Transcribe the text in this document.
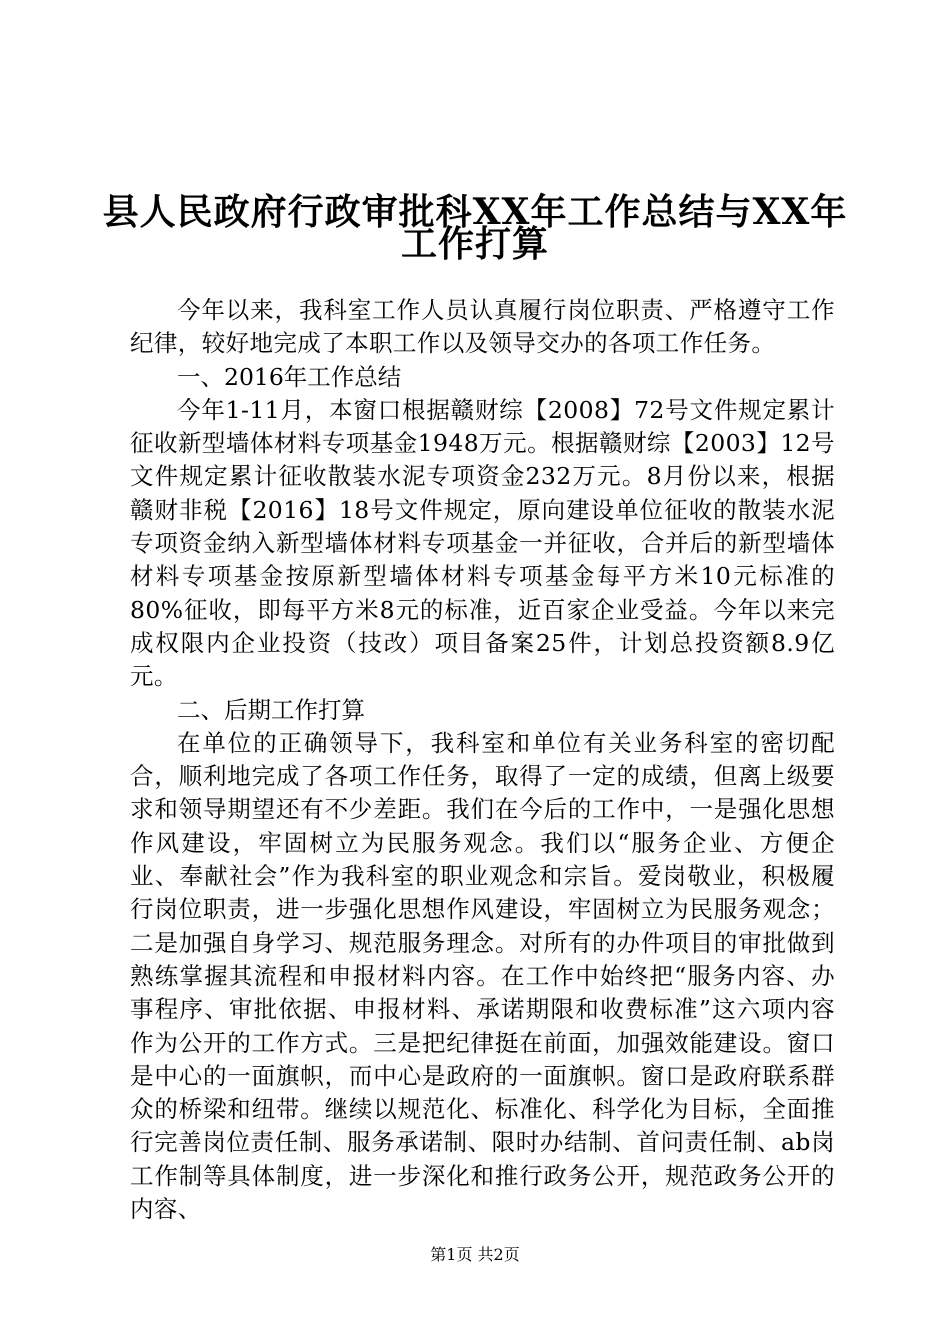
县人民政府行政审批科XX年工作总结与XX年
工作打算

今年以来，我科室工作人员认真履行岗位职责、严格遵守工作纪律，较好地完成了本职工作以及领导交办的各项工作任务。

一、2016年工作总结

今年1-11月，本窗口根据赣财综【2008】72号文件规定累计征收新型墙体材料专项基金1948万元。根据赣财综【2003】12号文件规定累计征收散装水泥专项资金232万元。8月份以来，根据赣财非税【2016】18号文件规定，原向建设单位征收的散装水泥专项资金纳入新型墙体材料专项基金一并征收，合并后的新型墙体材料专项基金按原新型墙体材料专项基金每平方米10元标准的80%征收，即每平方米8元的标准，近百家企业受益。今年以来完成权限内企业投资（技改）项目备案25件，计划总投资额8.9亿元。

二、后期工作打算

在单位的正确领导下，我科室和单位有关业务科室的密切配合，顺利地完成了各项工作任务，取得了一定的成绩，但离上级要求和领导期望还有不少差距。我们在今后的工作中，一是强化思想作风建设，牢固树立为民服务观念。我们以“服务企业、方便企业、奉献社会”作为我科室的职业观念和宗旨。爱岗敬业，积极履行岗位职责，进一步强化思想作风建设，牢固树立为民服务观念；二是加强自身学习、规范服务理念。对所有的办件项目的审批做到熟练掌握其流程和申报材料内容。在工作中始终把“服务内容、办事程序、审批依据、申报材料、承诺期限和收费标准”这六项内容作为公开的工作方式。三是把纪律挺在前面，加强效能建设。窗口是中心的一面旗帜，而中心是政府的一面旗帜。窗口是政府联系群众的桥梁和纽带。继续以规范化、标准化、科学化为目标，全面推行完善岗位责任制、服务承诺制、限时办结制、首问责任制、ab岗工作制等具体制度，进一步深化和推行政务公开，规范政务公开的内容、

第1页 共2页
